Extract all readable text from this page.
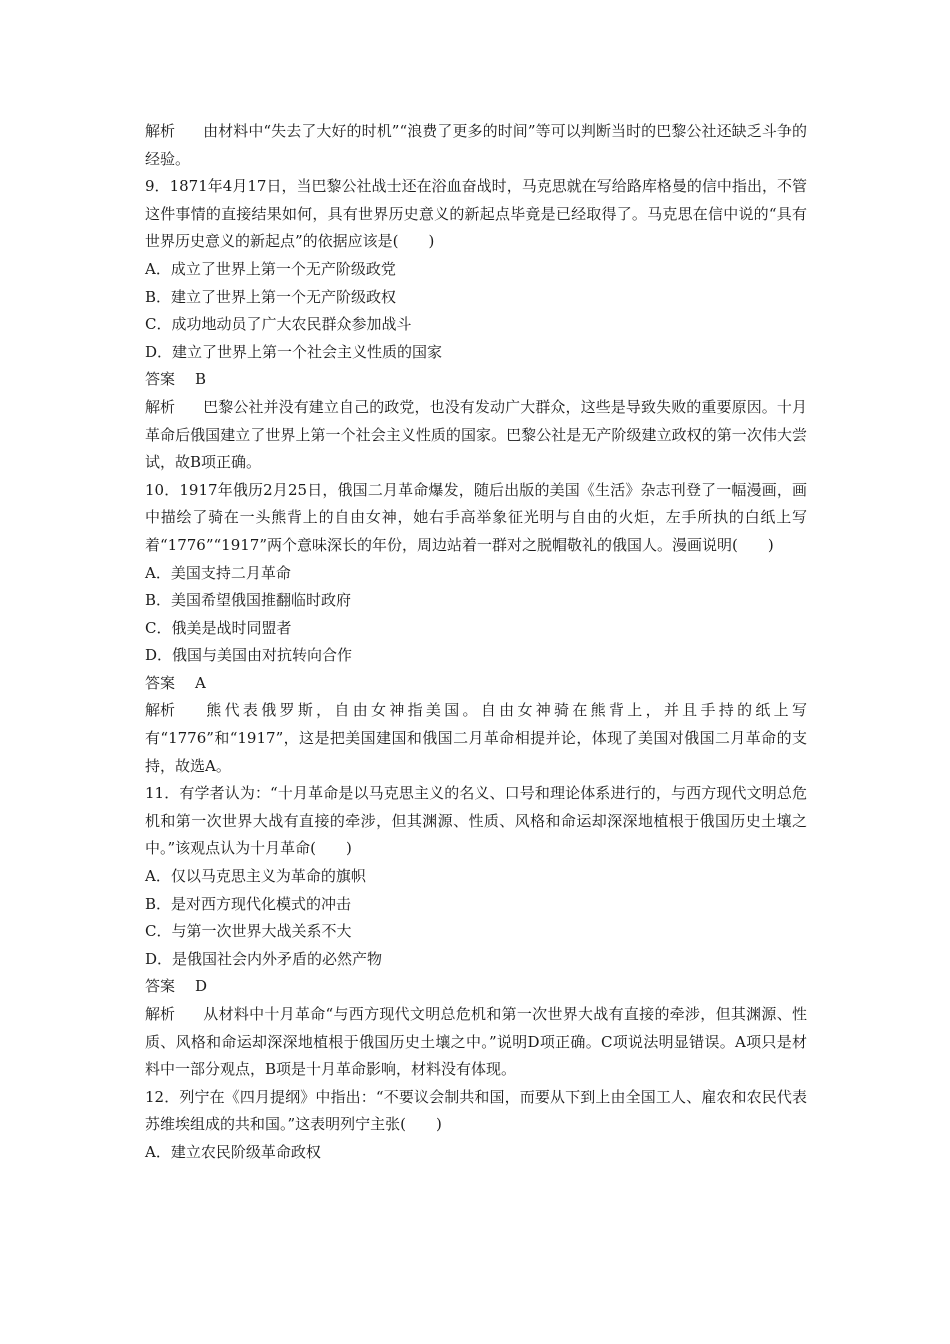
解析 由材料中“失去了大好的时机”“浪费了更多的时间”等可以判断当时的巴黎公社还缺乏斗争的经验。
9．1871年4月17日，当巴黎公社战士还在浴血奋战时，马克思就在写给路库格曼的信中指出，不管这件事情的直接结果如何，具有世界历史意义的新起点毕竟是已经取得了。马克思在信中说的“具有世界历史意义的新起点”的依据应该是(　　)
A．成立了世界上第一个无产阶级政党
B．建立了世界上第一个无产阶级政权
C．成功地动员了广大农民群众参加战斗
D．建立了世界上第一个社会主义性质的国家
答案 B
解析 巴黎公社并没有建立自己的政党，也没有发动广大群众，这些是导致失败的重要原因。十月革命后俄国建立了世界上第一个社会主义性质的国家。巴黎公社是无产阶级建立政权的第一次伟大尝试，故B项正确。
10．1917年俄历2月25日，俄国二月革命爆发，随后出版的美国《生活》杂志刊登了一幅漫画，画中描绘了骑在一头熊背上的自由女神，她右手高举象征光明与自由的火炬，左手所执的白纸上写着“1776”“1917”两个意味深长的年份，周边站着一群对之脱帽敬礼的俄国人。漫画说明(　　)
A．美国支持二月革命
B．美国希望俄国推翻临时政府
C．俄美是战时同盟者
D．俄国与美国由对抗转向合作
答案 A
解析 熊代表俄罗斯，自由女神指美国。自由女神骑在熊背上，并且手持的纸上写有“1776”和“1917”，这是把美国建国和俄国二月革命相提并论，体现了美国对俄国二月革命的支持，故选A。
11．有学者认为：“十月革命是以马克思主义的名义、口号和理论体系进行的，与西方现代文明总危机和第一次世界大战有直接的牵涉，但其渊源、性质、风格和命运却深深地植根于俄国历史土壤之中。”该观点认为十月革命(　　)
A．仅以马克思主义为革命的旗帜
B．是对西方现代化模式的冲击
C．与第一次世界大战关系不大
D．是俄国社会内外矛盾的必然产物
答案 D
解析 从材料中十月革命“与西方现代文明总危机和第一次世界大战有直接的牵涉，但其渊源、性质、风格和命运却深深地植根于俄国历史土壤之中。”说明D项正确。C项说法明显错误。A项只是材料中一部分观点，B项是十月革命影响，材料没有体现。
12．列宁在《四月提纲》中指出：“不要议会制共和国，而要从下到上由全国工人、雇农和农民代表苏维埃组成的共和国。”这表明列宁主张(　　)
A．建立农民阶级革命政权
